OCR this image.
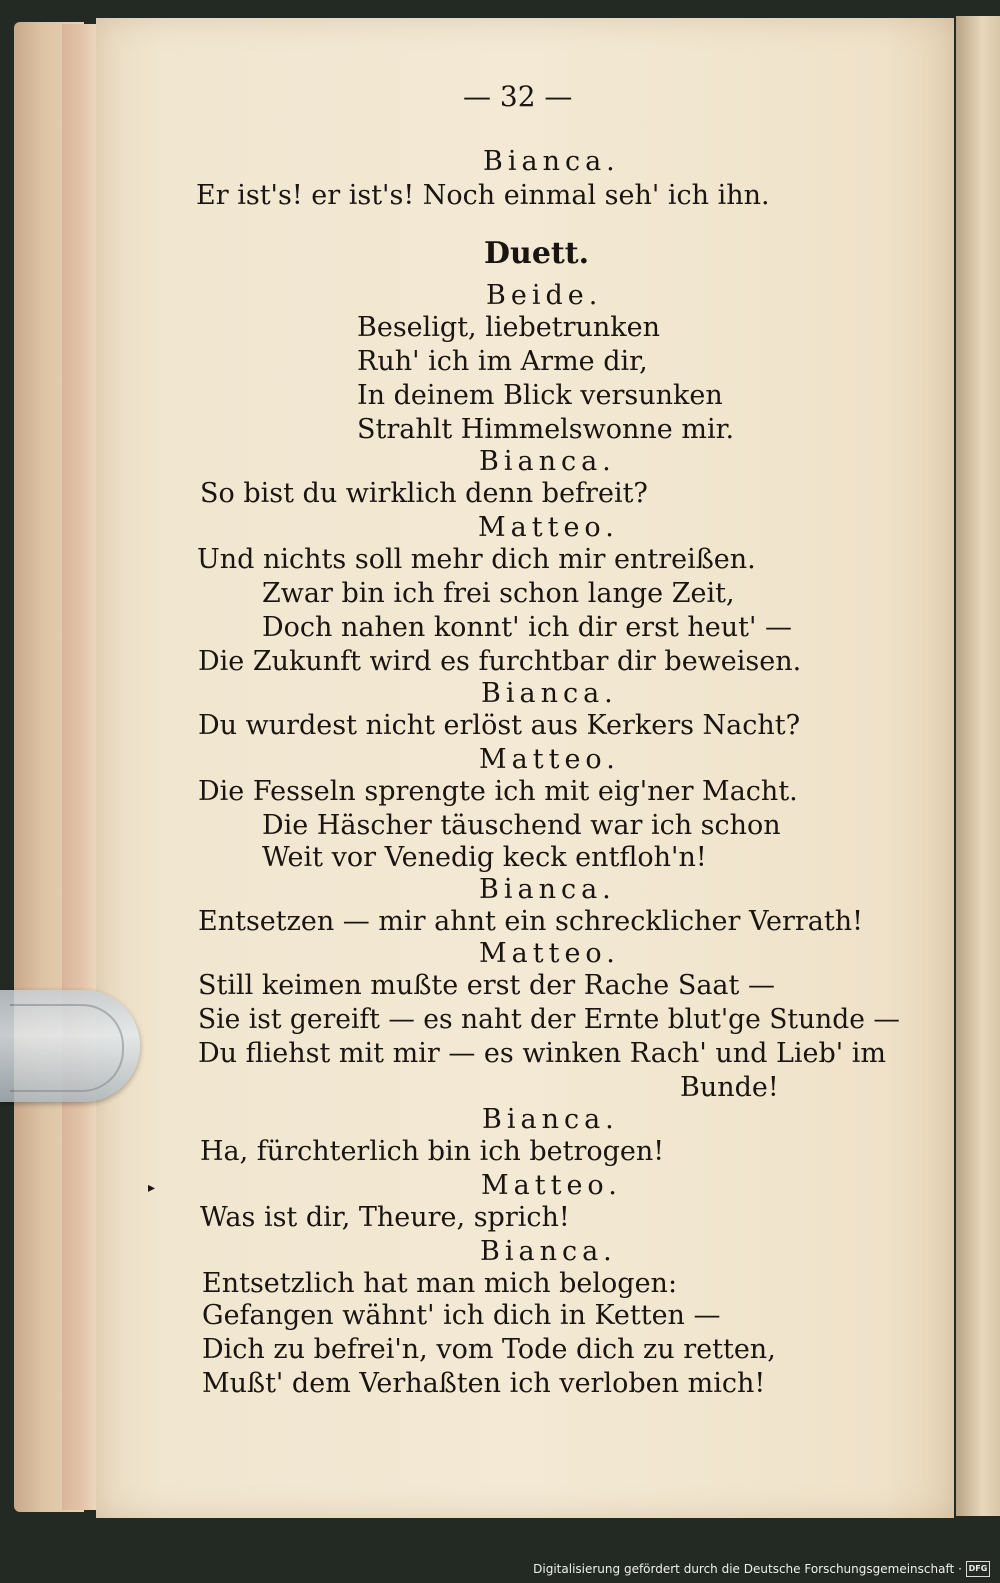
▸
— 32 —
Bianca.
Er ist's! er ist's! Noch einmal seh' ich ihn.
Duett.
Beide.
Beseligt, liebetrunken
Ruh' ich im Arme dir,
In deinem Blick versunken
Strahlt Himmelswonne mir.
Bianca.
So bist du wirklich denn befreit?
Matteo.
Und nichts soll mehr dich mir entreißen.
Zwar bin ich frei schon lange Zeit,
Doch nahen konnt' ich dir erst heut' —
Die Zukunft wird es furchtbar dir beweisen.
Bianca.
Du wurdest nicht erlöst aus Kerkers Nacht?
Matteo.
Die Fesseln sprengte ich mit eig'ner Macht.
Die Häscher täuschend war ich schon
Weit vor Venedig keck entfloh'n!
Bianca.
Entsetzen — mir ahnt ein schrecklicher Verrath!
Matteo.
Still keimen mußte erst der Rache Saat —
Sie ist gereift — es naht der Ernte blut'ge Stunde —
Du fliehst mit mir — es winken Rach' und Lieb' im
Bunde!
Bianca.
Ha, fürchterlich bin ich betrogen!
Matteo.
Was ist dir, Theure, sprich!
Bianca.
Entsetzlich hat man mich belogen:
Gefangen wähnt' ich dich in Ketten —
Dich zu befrei'n, vom Tode dich zu retten,
Mußt' dem Verhaßten ich verloben mich!
Digitalisierung gefördert durch die Deutsche Forschungsgemeinschaft · DFG
